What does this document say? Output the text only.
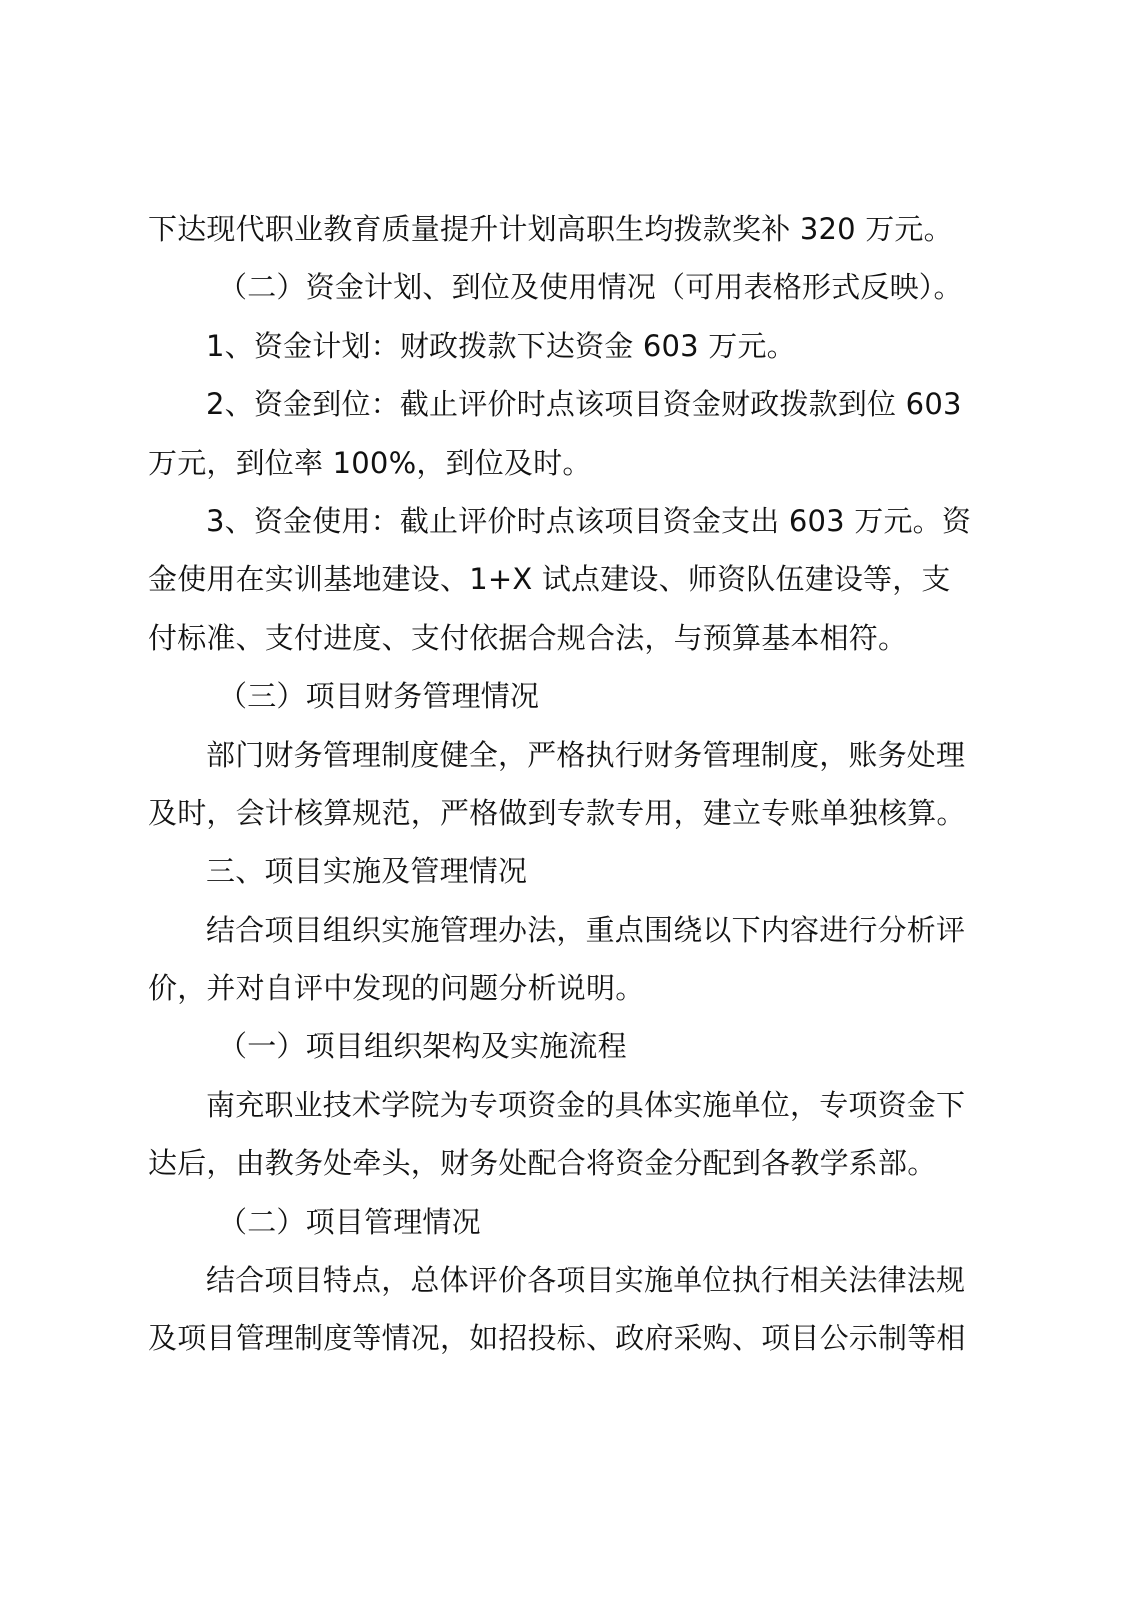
下达现代职业教育质量提升计划高职生均拨款奖补 320 万元。
（二）资金计划、到位及使用情况（可用表格形式反映）。
1、资金计划：财政拨款下达资金 603 万元。
2、资金到位：截止评价时点该项目资金财政拨款到位 603
万元，到位率 100%，到位及时。
3、资金使用：截止评价时点该项目资金支出 603 万元。资
金使用在实训基地建设、1+X 试点建设、师资队伍建设等，支
付标准、支付进度、支付依据合规合法，与预算基本相符。
（三）项目财务管理情况
部门财务管理制度健全，严格执行财务管理制度，账务处理
及时，会计核算规范，严格做到专款专用，建立专账单独核算。
三、项目实施及管理情况
结合项目组织实施管理办法，重点围绕以下内容进行分析评
价，并对自评中发现的问题分析说明。
（一）项目组织架构及实施流程
南充职业技术学院为专项资金的具体实施单位，专项资金下
达后，由教务处牵头，财务处配合将资金分配到各教学系部。
（二）项目管理情况
结合项目特点，总体评价各项目实施单位执行相关法律法规
及项目管理制度等情况，如招投标、政府采购、项目公示制等相
